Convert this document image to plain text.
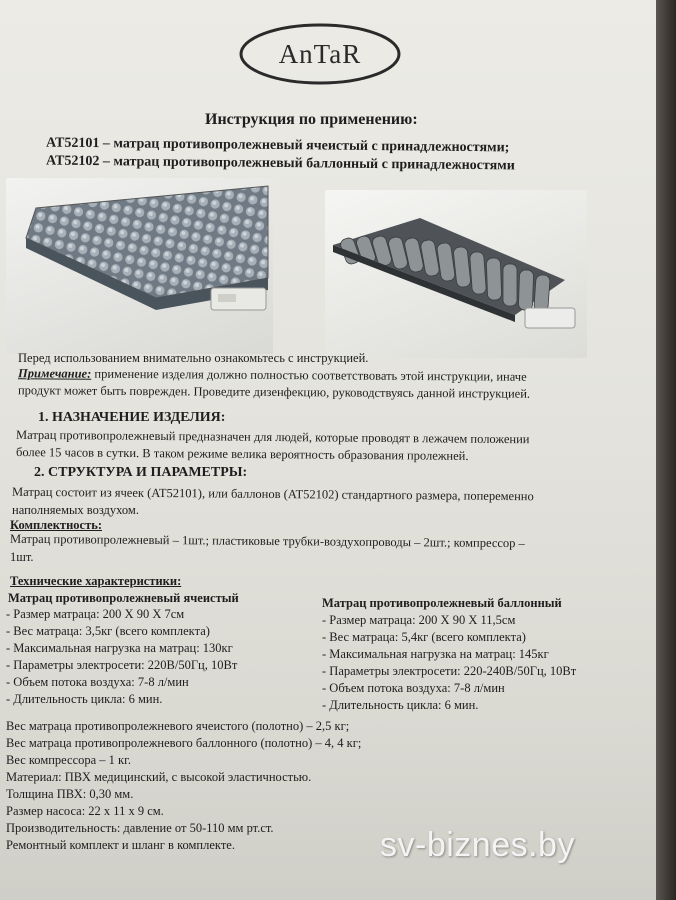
AnTaR
Инструкция по применению:
AT52101 – матрац противопролежневый ячеистый с принадлежностями;
AT52102 – матрац противопролежневый баллонный с принадлежностями
Перед использованием внимательно ознакомьтесь с инструкцией.
Примечание: применение изделия должно полностью соответствовать этой инструкции, иначе
продукт может быть поврежден. Проведите дизенфекцию, руководствуясь данной инструкцией.
1. НАЗНАЧЕНИЕ ИЗДЕЛИЯ:
Матрац противопролежневый предназначен для людей, которые проводят в лежачем положении
более 15 часов в сутки. В таком режиме велика вероятность образования пролежней.
2. СТРУКТУРА И ПАРАМЕТРЫ:
Матрац состоит из ячеек (AT52101), или баллонов (AT52102) стандартного размера, попеременно
наполняемых воздухом.
Комплектность:
Матрац противопролежневый – 1шт.; пластиковые трубки-воздухопроводы – 2шт.; компрессор –
1шт.
Технические характеристики:
Матрац противопролежневый ячеистый
- Размер матраца: 200 X 90 X 7см
- Вес матраца: 3,5кг (всего комплекта)
- Максимальная нагрузка на матрац: 130кг
- Параметры электросети: 220В/50Гц, 10Вт
- Объем потока воздуха: 7-8 л/мин
- Длительность цикла: 6 мин.
Матрац противопролежневый баллонный
- Размер матраца: 200 X 90 X 11,5см
- Вес матраца: 5,4кг (всего комплекта)
- Максимальная нагрузка на матрац: 145кг
- Параметры электросети: 220-240В/50Гц, 10Вт
- Объем потока воздуха: 7-8 л/мин
- Длительность цикла: 6 мин.
Вес матраца противопролежневого ячеистого (полотно) – 2,5 кг;
Вес матраца противопролежневого баллонного (полотно) – 4, 4 кг;
Вес компрессора – 1 кг.
Материал: ПВХ медицинский, с высокой эластичностью.
Толщина ПВХ: 0,30 мм.
Размер насоса: 22 х 11 х 9 см.
Производительность: давление от 50-110 мм рт.ст.
Ремонтный комплект и шланг в комплекте.	sv-biznes.by
